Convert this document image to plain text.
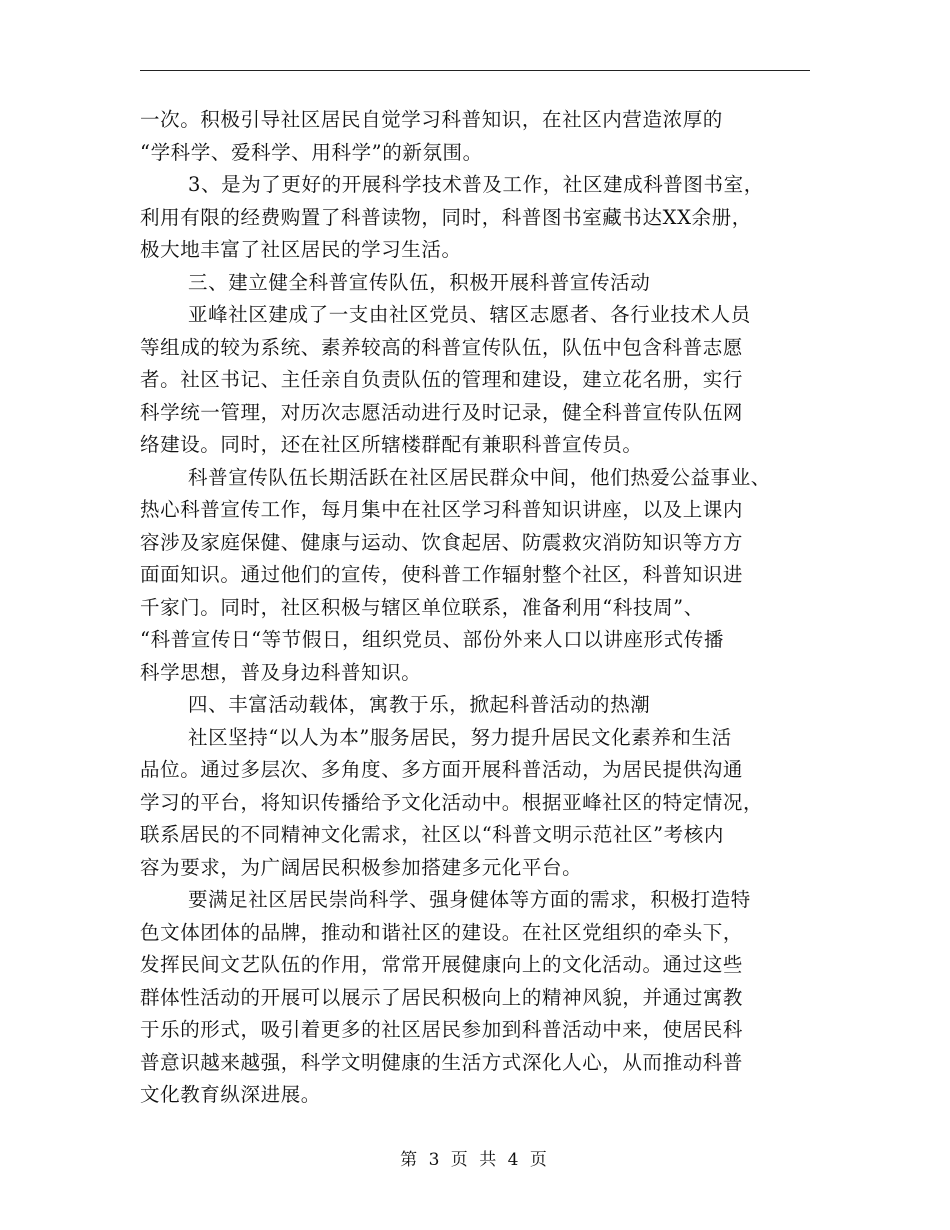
一次。积极引导社区居民自觉学习科普知识，在社区内营造浓厚的
“学科学、爱科学、用科学”的新氛围。
3、是为了更好的开展科学技术普及工作，社区建成科普图书室，
利用有限的经费购置了科普读物，同时，科普图书室藏书达XX余册，
极大地丰富了社区居民的学习生活。
三、建立健全科普宣传队伍，积极开展科普宣传活动
亚峰社区建成了一支由社区党员、辖区志愿者、各行业技术人员
等组成的较为系统、素养较高的科普宣传队伍，队伍中包含科普志愿
者。社区书记、主任亲自负责队伍的管理和建设，建立花名册，实行
科学统一管理，对历次志愿活动进行及时记录，健全科普宣传队伍网
络建设。同时，还在社区所辖楼群配有兼职科普宣传员。
科普宣传队伍长期活跃在社区居民群众中间，他们热爱公益事业、
热心科普宣传工作，每月集中在社区学习科普知识讲座，以及上课内
容涉及家庭保健、健康与运动、饮食起居、防震救灾消防知识等方方
面面知识。通过他们的宣传，使科普工作辐射整个社区，科普知识进
千家门。同时，社区积极与辖区单位联系，准备利用“科技周”、
“科普宣传日“等节假日，组织党员、部份外来人口以讲座形式传播
科学思想，普及身边科普知识。
四、丰富活动载体，寓教于乐，掀起科普活动的热潮
社区坚持“以人为本”服务居民，努力提升居民文化素养和生活
品位。通过多层次、多角度、多方面开展科普活动，为居民提供沟通
学习的平台，将知识传播给予文化活动中。根据亚峰社区的特定情况，
联系居民的不同精神文化需求，社区以“科普文明示范社区”考核内
容为要求，为广阔居民积极参加搭建多元化平台。
要满足社区居民崇尚科学、强身健体等方面的需求，积极打造特
色文体团体的品牌，推动和谐社区的建设。在社区党组织的牵头下，
发挥民间文艺队伍的作用，常常开展健康向上的文化活动。通过这些
群体性活动的开展可以展示了居民积极向上的精神风貌，并通过寓教
于乐的形式，吸引着更多的社区居民参加到科普活动中来，使居民科
普意识越来越强，科学文明健康的生活方式深化人心，从而推动科普
文化教育纵深进展。
第 3 页 共 4 页
